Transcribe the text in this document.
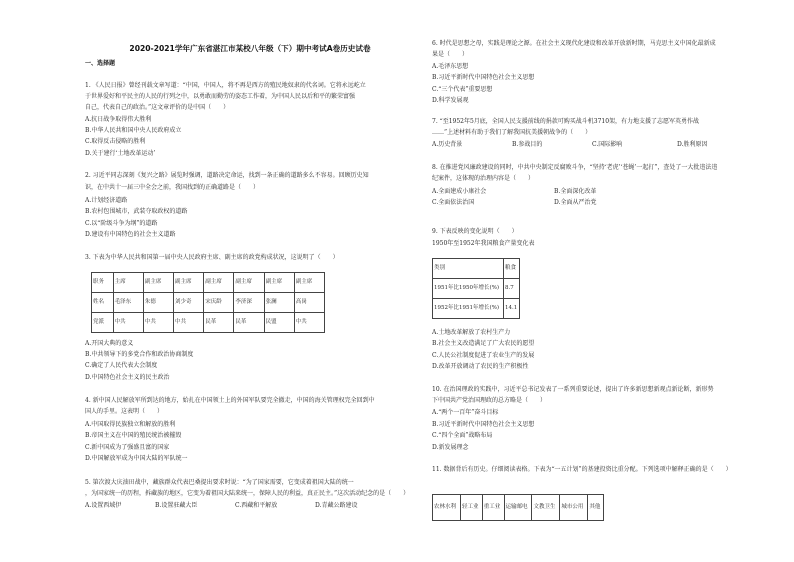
2020-2021学年广东省湛江市某校八年级（下）期中考试A卷历史试卷
一、选择题
1. 《人民日报》曾经刊载文章写道：“中国，中国人，将不再是西方的殖民地奴隶的代名词。它将永远屹立
于世界爱好和平民主的人民的行列之中，以勇敢而勤劳的姿态工作着，为中国人民以后和平的繁荣富强
自己，代表自己的政治。”这文章评价的是中国（　　）
A.抗日战争取得伟大胜利
B.中华人民共和国中央人民政府成立
C.取得反击侵略的胜利
D.关于建行‘土地改革运动’
2. 习近平同志深刻《复兴之路》展览时强调，道路决定命运，找到一条正确的道路多么不容易。回顾历史知
识，在中共十一届三中全会之前，我国找到的正确道路是（　　）
A.计划经济道路
B.农村包围城市，武装夺取政权的道路
C.以“阶级斗争为纲”的道路
D.建设有中国特色的社会主义道路
3. 下表为中华人民共和国第一届中央人民政府主席、副主席的政党构成状况，这说明了（　　）
职务	主席	副主席	副主席	副主席	副主席	副主席	副主席
姓名	毛泽东	朱德	刘少奇	宋庆龄	李济深	张澜	高岗
党派	中共	中共	中共	民革	民革	民盟	中共
A.开国大典的意义
B.中共领导下的多党合作和政治协商制度
C.确定了人民代表大会制度
D.中国特色社会主义的民主政治
4. 新中国人民解放军所到达的地方，始扎在中国领土上的外国军队要完全撤走，中国的海关管理权完全回到中
国人的手里。这表明（　　）
A.中国取得民族独立和解放的胜利
B.帝国主义在中国的殖民统治被摧毁
C.新中国成为了强盛且富的国家
D.中国解放军成为中国大陆的军队统一
5. 第次渡大庆油田战中，藏族群众代表巴桑提出要求时说：“为了国家需要，它变成着祖国大陆的统一
，为国家统一的历程，拆藏族的地区，它变为着祖国大陆来统一，保障人民的利益，真正民主。”这次活动纪念的是（　　）
A.设置西域伊	B.设置驻藏大臣	C.西藏和平解放	D.青藏公路建设
6. 时代是思想之母，实践是理论之源。在社会主义现代化建设和改革开放新时期，马克思主义中国化最新成
果是（　　）
A.毛泽东思想
B.习近平新时代中国特色社会主义思想
C.“三个代表”重要思想
D.科学发展观
7. “至1952年5月底，全国人民支援前线的捐款可购买战斗机3710架，有力地支援了志愿军英勇作战
……”上述材料有助于我们了解我国抗美援朝战争的（　　）
A.历史背景	B.参战目的	C.国际影响	D.胜利原因
8. 在推进党风廉政建设的同时，中共中央制定反腐败斗争，“坚持‘老虎’‘苍蝇’一起打”，查处了一大批违法违
纪案件，这体现的治理内容是（　　）
A.全面建成小康社会	B.全面深化改革
C.全面依法治国	D.全面从严治党
9. 下表反映的变化说明（　　）
1950年至1952年我国粮食产量变化表
类别	粮食
1951年比1950年增长(%)	8.7
1952年比1951年增长(%)	14.1
A.土地改革解放了农村生产力
B.社会主义改造满足了广大农民的愿望
C.人民公社制度促进了农业生产的发展
D.改革开放调动了农民的生产积极性
10. 在治国理政的实践中，习近平总书记发表了一系列重要论述，提出了许多新思想新观点新论断，新形势
下中国共产党治国理政的总方略是（　　）
A.“两个一百年”奋斗目标
B.习近平新时代中国特色社会主义思想
C.“四个全面”战略布局
D.新发展理念
11. 数据背后有历史。仔细阅读表格。下表为“一五计划”的基建投资比重分配。下列选项中解释正确的是（　　）
农林水利	轻工业	重工业	运输邮电	文教卫生	城市公用	其他
